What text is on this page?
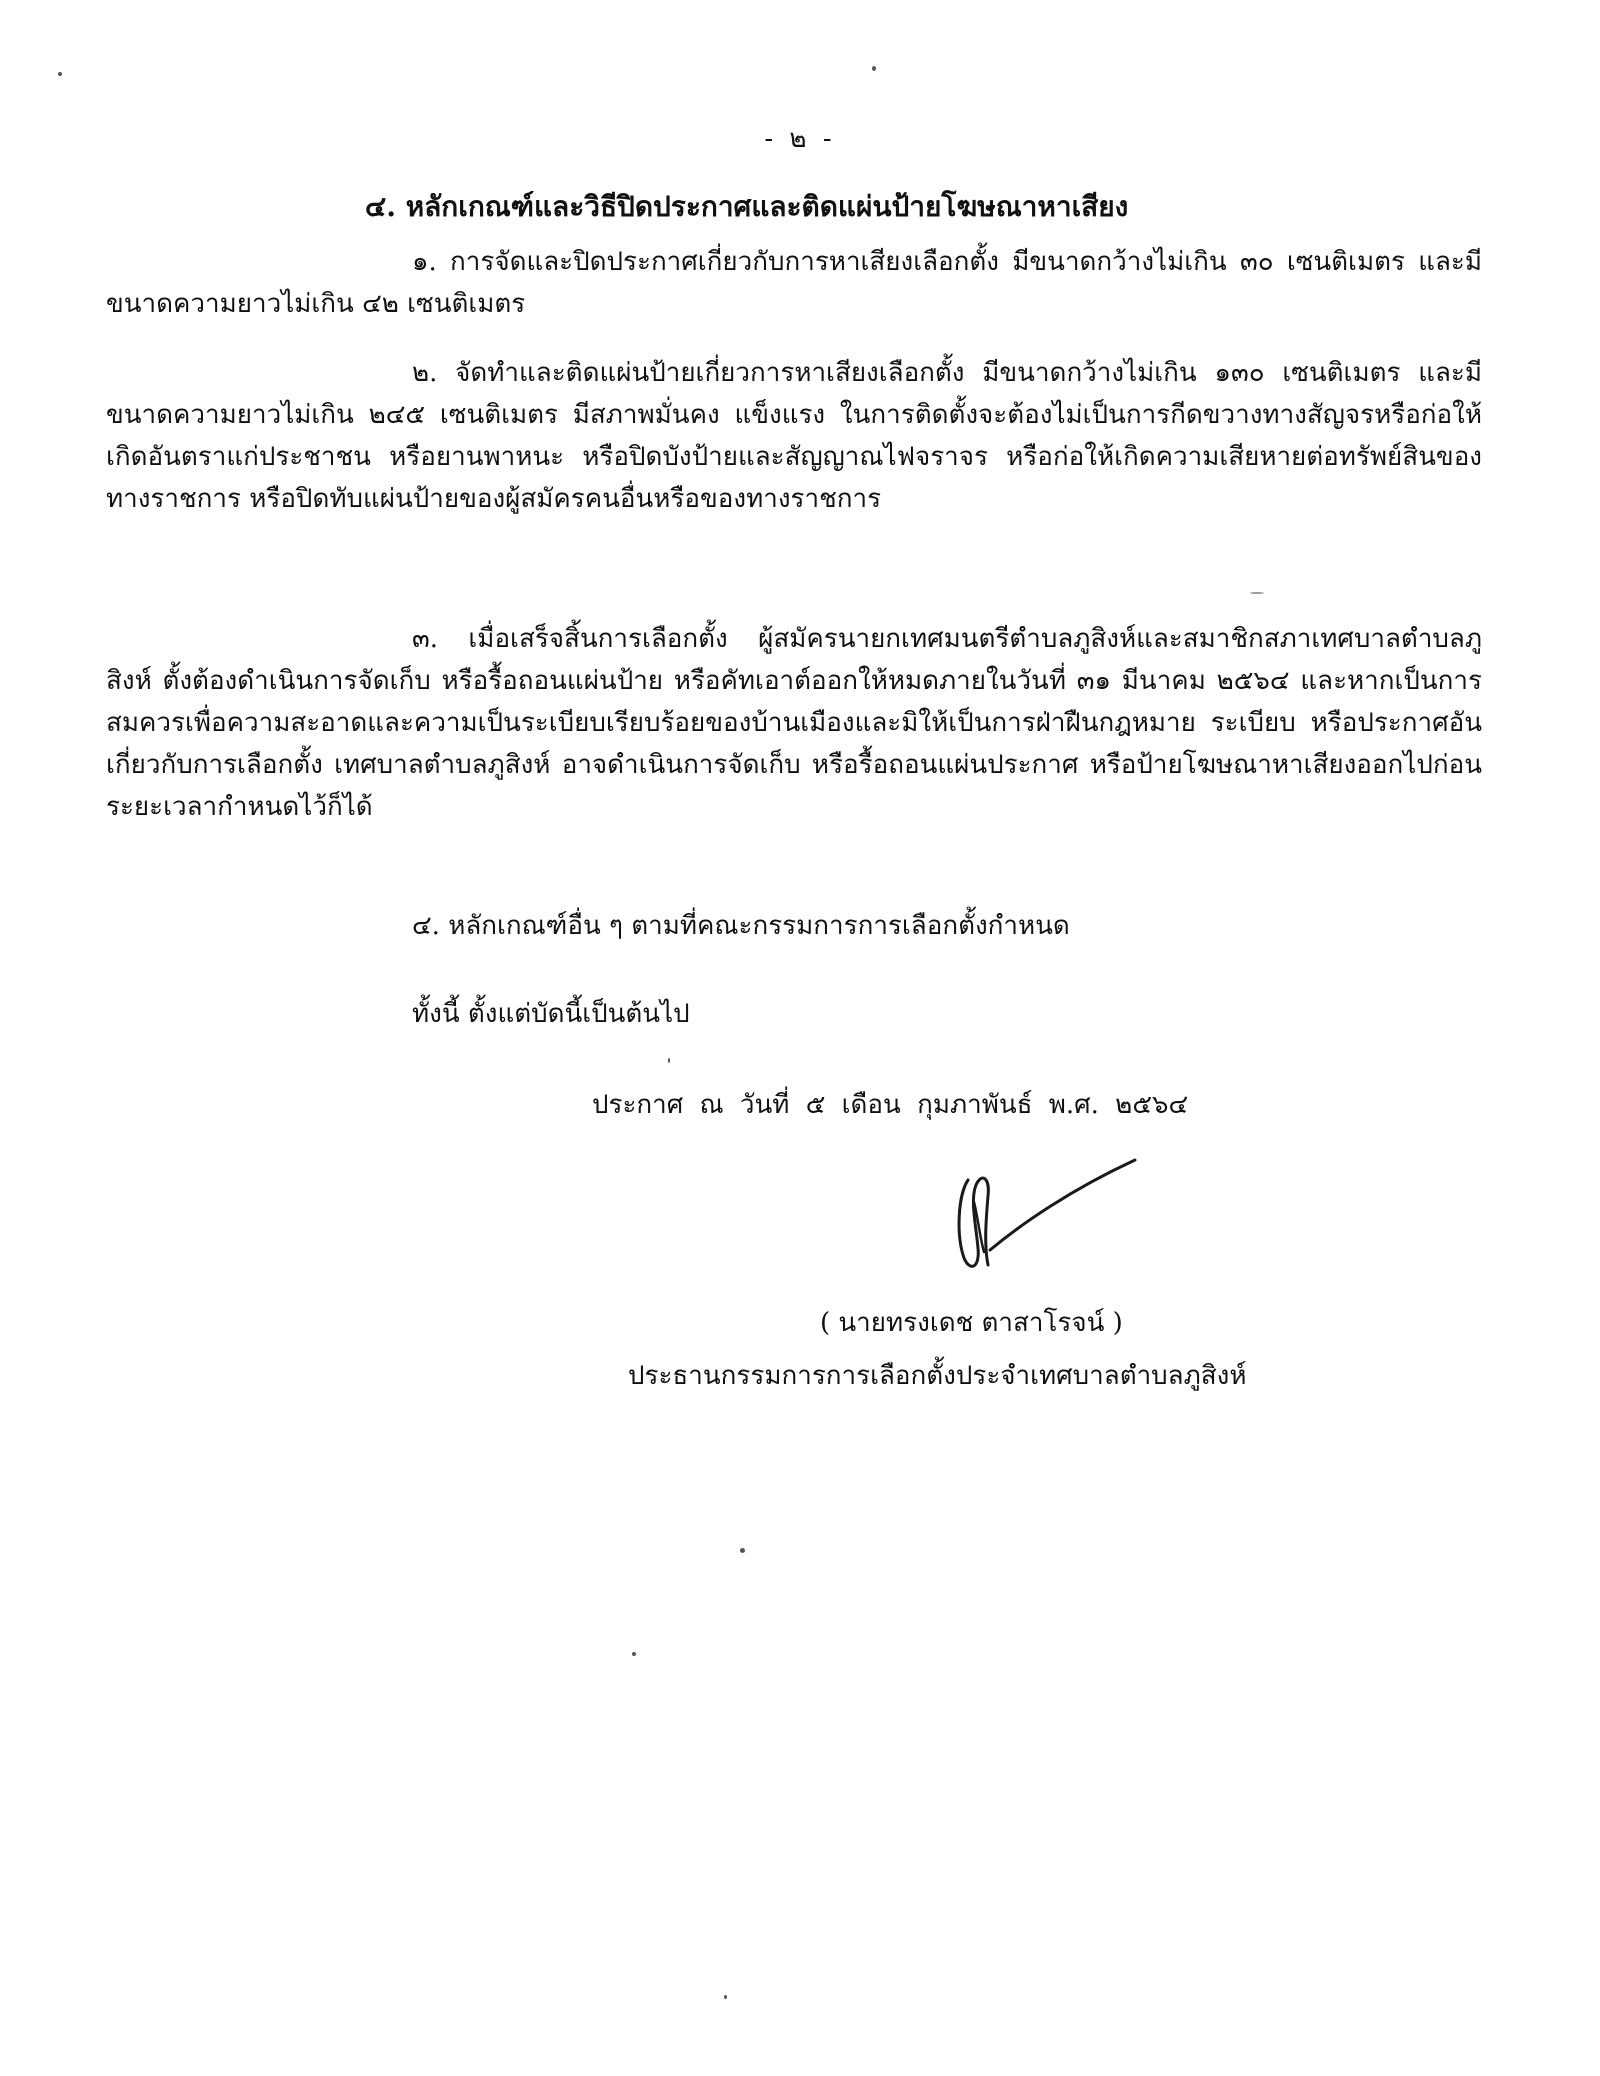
- ๒ -
๔. หลักเกณฑ์และวิธีปิดประกาศและติดแผ่นป้ายโฆษณาหาเสียง

๑. การจัดและปิดประกาศเกี่ยวกับการหาเสียงเลือกตั้ง มีขนาดกว้างไม่เกิน ๓๐ เซนติเมตร และมีขนาดความยาวไม่เกิน ๔๒ เซนติเมตร

๒. จัดทำและติดแผ่นป้ายเกี่ยวการหาเสียงเลือกตั้ง มีขนาดกว้างไม่เกิน ๑๓๐ เซนติเมตร และมีขนาดความยาวไม่เกิน ๒๔๕ เซนติเมตร มีสภาพมั่นคง แข็งแรง ในการติดตั้งจะต้องไม่เป็นการกีดขวางทางสัญจรหรือก่อให้เกิดอันตราแก่ประชาชน หรือยานพาหนะ หรือปิดบังป้ายและสัญญาณไฟจราจร หรือก่อให้เกิดความเสียหายต่อทรัพย์สินของทางราชการ หรือปิดทับแผ่นป้ายของผู้สมัครคนอื่นหรือของทางราชการ

๓. เมื่อเสร็จสิ้นการเลือกตั้ง ผู้สมัครนายกเทศมนตรีตำบลภูสิงห์และสมาชิกสภาเทศบาลตำบลภูสิงห์ ตั้งต้องดำเนินการจัดเก็บ หรือรื้อถอนแผ่นป้าย หรือคัทเอาต์ออกให้หมดภายในวันที่ ๓๑ มีนาคม ๒๕๖๔ และหากเป็นการสมควรเพื่อความสะอาดและความเป็นระเบียบเรียบร้อยของบ้านเมืองและมิให้เป็นการฝ่าฝืนกฎหมาย ระเบียบ หรือประกาศอันเกี่ยวกับการเลือกตั้ง เทศบาลตำบลภูสิงห์ อาจดำเนินการจัดเก็บ หรือรื้อถอนแผ่นประกาศ หรือป้ายโฆษณาหาเสียงออกไปก่อนระยะเวลากำหนดไว้ก็ได้

๔. หลักเกณฑ์อื่น ๆ ตามที่คณะกรรมการการเลือกตั้งกำหนด
ทั้งนี้ ตั้งแต่บัดนี้เป็นต้นไป
ประกาศ ณ วันที่ ๕ เดือน กุมภาพันธ์ พ.ศ. ๒๕๖๔
( นายทรงเดช ตาสาโรจน์ )
ประธานกรรมการการเลือกตั้งประจำเทศบาลตำบลภูสิงห์
